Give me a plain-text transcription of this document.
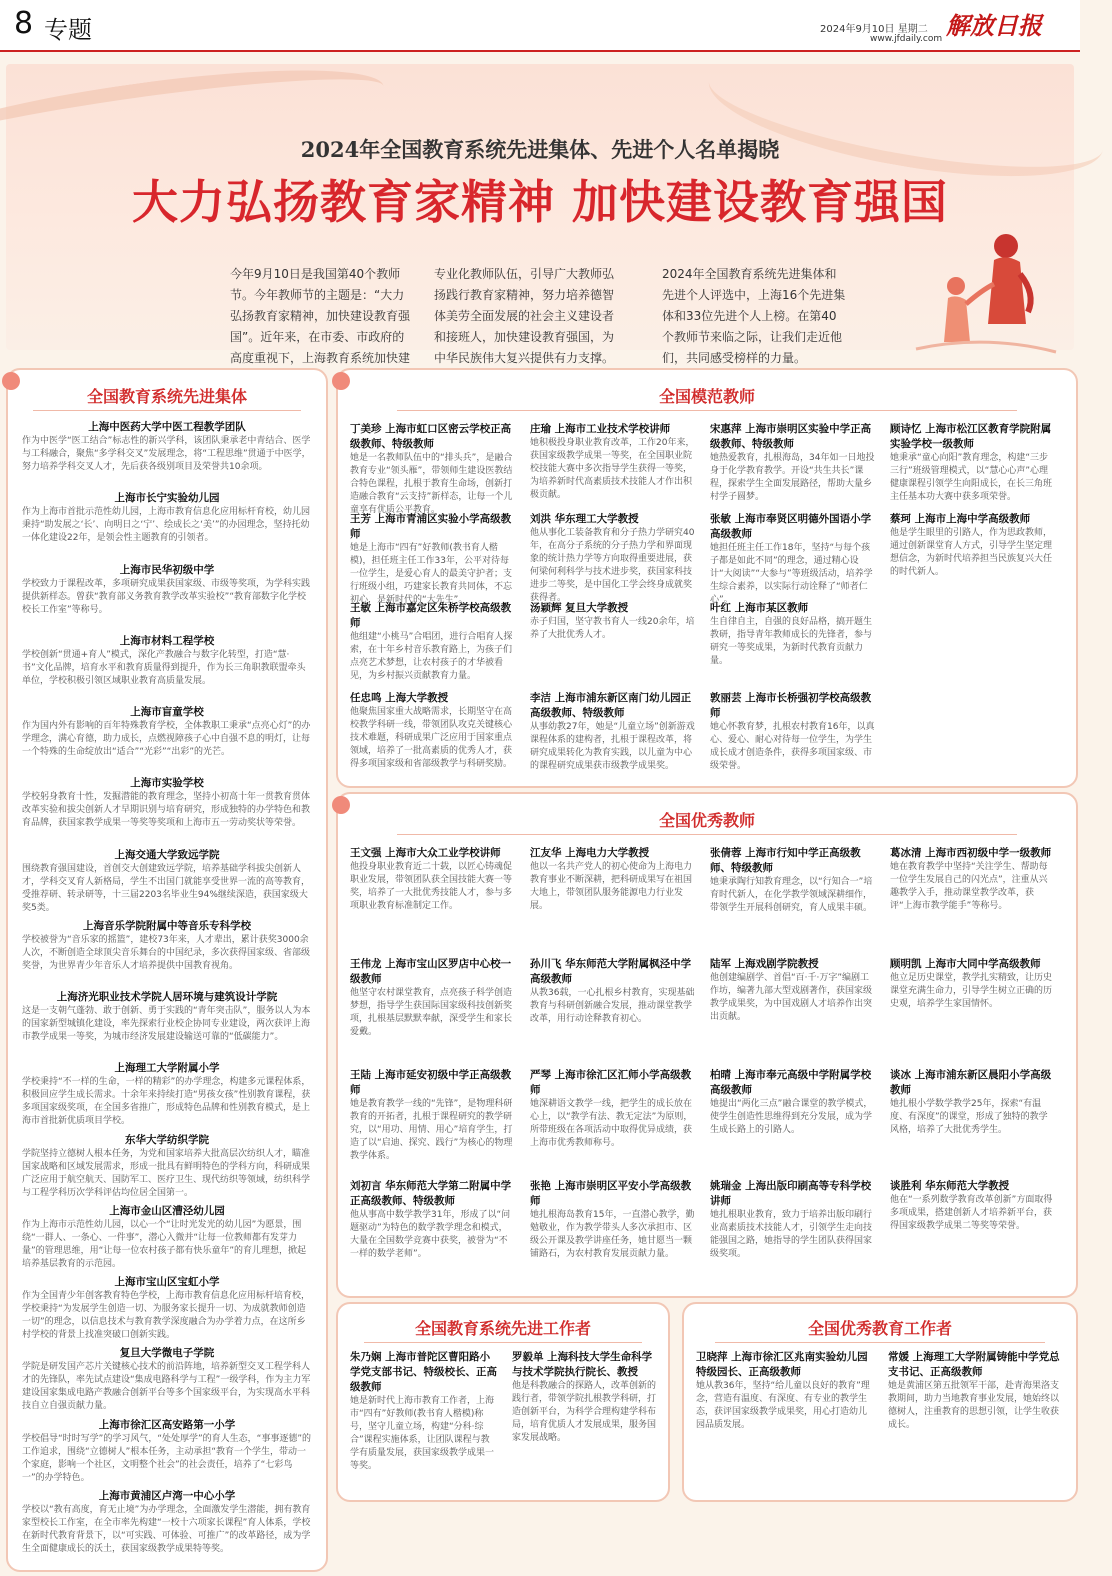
8 专题	2024年9月10日 星期二
www.jfdaily.com 解放日报
2024年全国教育系统先进集体、先进个人名单揭晓
大力弘扬教育家精神 加快建设教育强国
今年9月10日是我国第40个教师节。今年教师节的主题是：“大力弘扬教育家精神，加快建设教育强国”。近年来，在市委、市政府的高度重视下，上海教育系统加快建
专业化教师队伍，引导广大教师弘扬践行教育家精神，努力培养德智体美劳全面发展的社会主义建设者和接班人，加快建设教育强国，为中华民族伟大复兴提供有力支撑。
2024年全国教育系统先进集体和先进个人评选中，上海16个先进集体和33位先进个人上榜。在第40个教师节来临之际，让我们走近他们，共同感受榜样的力量。
全国教育系统先进集体
上海中医药大学中医工程教学团队
作为中医学“医工结合”标志性的新兴学科，该团队秉承老中青结合、医学与工科融合，聚焦“多学科交叉”发展理念，将“工程思维”贯通于中医学，努力培养学科交叉人才，先后获各级别项目及荣誉共10余项。
上海市长宁实验幼儿园
作为上海市首批示范性幼儿园，上海市教育信息化应用标杆育校，幼儿园秉持“助发展之‘长’、向明日之‘宁’、绘成长之‘美’”的办园理念，坚持托幼一体化建设22年，是领会性主题教育的引领者。
上海市民华初级中学
学校致力于课程改革，多项研究成果获国家级、市级等奖项，为学科实践提供新样态。曾获“教育部义务教育教学改革实验校”“教育部数字化学校校长工作室”等称号。
上海市材料工程学校
学校创新“贯通+育人”模式，深化产教融合与数字化转型，打造“慧·书”文化品牌，培育水平和教育质量得到提升，作为长三角职教联盟牵头单位，学校积极引领区域职业教育高质量发展。
上海市盲童学校
作为国内外有影响的百年特殊教育学校，全体教职工秉承“点亮心灯”的办学理念，满心育德，助力成长，点燃视障孩子心中自强不息的明灯，让每一个特殊的生命绽放出“适合”“光彩”“出彩”的光芒。
上海市实验学校
学校躬身教育十性，发掘潜能的教育理念，坚持小初高十年一贯教育贯体改革实验和拔尖创新人才早期识别与培育研究，形成独特的办学特色和教育品牌，获国家教学成果一等奖等奖项和上海市五一劳动奖状等荣誉。
上海交通大学致远学院
围绕教育强国建设，首创交大创建致远学院，培养基础学科拔尖创新人才，学科交叉育人新格局，学生不出国门就能享受世界一流的高等教育，受推荐研、转录研等，十三届2203名毕业生94%继续深造，获国家级大奖5类。
上海音乐学院附属中等音乐专科学校
学校被誉为“音乐家的摇篮”，建校73年来，人才辈出，累计获奖3000余人次，不断创造全球顶尖音乐舞台的中国纪录，多次获得国家级、省部级奖誉，为世界青少年音乐人才培养提供中国教育视角。
上海济光职业技术学院人居环境与建筑设计学院
这是一支朝气蓬勃、敢于创新、勇于实践的“青年突击队”，服务以人为本的国家新型城镇化建设，率先探索行业校企协同专业建设，两次获评上海市教学成果一等奖，为城市经济发展建设输送可靠的“低碳能力”。
上海理工大学附属小学
学校秉持“不一样的生命，一样的精彩”的办学理念，构建多元课程体系，积极回应学生成长需求。十余年来持续打造“男孩女孩”性别教育课程，获多项国家级奖项，在全国多省推广，形成特色品牌和性别教育模式，是上海市首批新优质项目学校。
东华大学纺织学院
学院坚持立德树人根本任务，为党和国家培养大批高层次纺织人才，瞄准国家战略和区域发展需求，形成一批具有鲜明特色的学科方向，科研成果广泛应用于航空航天、国防军工、医疗卫生、现代纺织等领域，纺织科学与工程学科历次学科评估均位居全国第一。
上海市金山区漕泾幼儿园
作为上海市示范性幼儿园，以心一个“让时光发光的幼儿园”为愿景，围绕“一群人、一条心、一件事”，潜心入微并“让每一位教师都有发芽力量”的管理思维，用“让每一位农村孩子都有快乐童年”的育儿理想，掀起培养基层教育的示范园。
上海市宝山区宝虹小学
作为全国青少年创客教育特色学校，上海市教育信息化应用标杆培育校，学校秉持“为发展学生创造一切、为服务家长提升一切、为成就教师创造一切”的理念，以信息技术与教育教学深度融合为办学着力点，在这所乡村学校的背景上找准突破口创新实践。
复旦大学微电子学院
学院是研发国产芯片关键核心技术的前沿阵地，培养新型交叉工程学科人才的先锋队，率先试点建设“集成电路科学与工程”一级学科，作为主力军建设国家集成电路产教融合创新平台等多个国家级平台，为实现高水平科技自立自强贡献力量。
上海市徐汇区高安路第一小学
学校倡导“时时写学”的学习风气，“处处厚学”的育人生态，“事事逐德”的工作追求，围绕“立德树人”根本任务，主动承担“教育一个学生，带动一个家庭，影响一个社区，文明整个社会”的社会责任，培养了“七彩鸟一”的办学特色。
上海市黄浦区卢湾一中心小学
学校以“教有高度，育无止境”为办学理念，全面激发学生潜能，拥有教育家型校长工作室，在全市率先构建“一校十六项家长课程”育人体系，学校在新时代教育背景下，以“可实践、可体验、可推广”的改革路径，成为学生全面健康成长的沃土，获国家级教学成果特等奖。
全国模范教师
丁美珍 上海市虹口区密云学校正高级教师、特级教师
她是一名教师队伍中的“排头兵”，是融合教育专业“领头雁”，带领师生建设医教结合特色课程，扎根于教育生命场，创新打造融合教育“云支持”新样态，让每一个儿童享有优质公平教育。
王芳 上海市青浦区实验小学高级教师
她是上海市“四有”好教师(教书育人楷模)，担任班主任工作33年，公平对待每一位学生，是爱心育人的最美守护者；支行班级小组，巧建家长教育共同体，不忘初心，是新时代的“大先生”。
王敏 上海市嘉定区朱桥学校高级教师
他组建“小桃马”合唱团，进行合唱育人探索，在十年乡村音乐教育路上，为孩子们点亮艺术梦想，让农村孩子的才华被看见，为乡村振兴贡献教育力量。
任忠鸣 上海大学教授
他聚焦国家重大战略需求，长期坚守在高校教学科研一线，带领团队攻克关键核心技术难题，科研成果广泛应用于国家重点领域，培养了一批高素质的优秀人才，获得多项国家级和省部级教学与科研奖励。
庄瑜 上海市工业技术学校讲师
她积极投身职业教育改革，工作20年来，获国家级教学成果一等奖，在全国职业院校技能大赛中多次指导学生获得一等奖，为培养新时代高素质技术技能人才作出积极贡献。
刘洪 华东理工大学教授
他从事化工装备教育和分子热力学研究40年，在高分子系统的分子热力学和界面现象的统计热力学等方向取得重要进展，获何梁何利科学与技术进步奖，获国家科技进步二等奖，是中国化工学会终身成就奖获得者。
汤颖辉 复旦大学教授
赤子归国，坚守教书育人一线20余年，培养了大批优秀人才。
李洁 上海市浦东新区南门幼儿园正高级教师、特级教师
从事幼教27年，她是“儿童立场”创新游戏课程体系的建构者，扎根于课程改革，将研究成果转化为教育实践，以儿童为中心的课程研究成果获市级教学成果奖。
宋惠萍 上海市崇明区实验中学正高级教师、特级教师
她热爱教育，扎根海岛，34年如一日地投身于化学教育教学。开设“共生共长”课程，探索学生全面发展路径，帮助大量乡村学子圆梦。
张敏 上海市奉贤区明德外国语小学高级教师
她担任班主任工作18年，坚持“与每个孩子都是如此不同”的理念，通过精心设计“大阅读”“大参与”等班级活动，培养学生综合素养，以实际行动诠释了“师者仁心”。
叶红 上海市某区教师
生自律自主，自强的良好品格，搞开题生教研，指导青年教师成长的先锋者，参与研究一等奖成果，为新时代教育贡献力量。
敦丽芸 上海市长桥强初学校高级教师
她心怀教育梦，扎根农村教育16年，以真心、爱心、耐心对待每一位学生，为学生成长成才创造条件，获得多项国家级、市级荣誉。
顾诗忆 上海市松江区教育学院附属实验学校一级教师
她秉承“童心向阳”教育理念，构建“三步三行”班级管理模式，以“慧心心声”心理健康课程引领学生向阳成长，在长三角班主任基本功大赛中获多项荣誉。
蔡珂 上海市上海中学高级教师
他是学生眼里的引路人，作为思政教师，通过创新课堂育人方式，引导学生坚定理想信念，为新时代培养担当民族复兴大任的时代新人。
全国优秀教师
王文强 上海市大众工业学校讲师
他投身职业教育近二十载，以匠心铸魂促职业发展，带领团队获全国技能大赛一等奖，培养了一大批优秀技能人才，参与多项职业教育标准制定工作。
王伟龙 上海市宝山区罗店中心校一级教师
他坚守农村课堂教育，点亮孩子科学创造梦想，指导学生获国际国家级科技创新奖项，扎根基层默默奉献，深受学生和家长爱戴。
王陆 上海市延安初级中学正高级教师
她是教育教学一线的“先锋”，是物理科研教育的开拓者，扎根于课程研究的教学研究，以“用功、用情、用心”培育学生，打造了以“启迪、探究、践行”为核心的物理教学体系。
刘初言 华东师范大学第二附属中学正高级教师、特级教师
他从事高中数学教学31年，形成了以“问题驱动”为特色的数学教学理念和模式，大量在全国数学竞赛中获奖，被誉为“不一样的数学老师”。
江友华 上海电力大学教授
他以一名共产党人的初心使命为上海电力教育事业不断深耕，把科研成果写在祖国大地上，带领团队服务能源电力行业发展。
孙川飞 华东师范大学附属枫泾中学高级教师
从教36载，一心扎根乡村教育，实现基础教育与科研创新融合发展，推动课堂教学改革，用行动诠释教育初心。
严琴 上海市徐汇区汇师小学高级教师
她深耕语文教学一线，把学生的成长放在心上，以“教学有法、教无定法”为原则，所带班级在各项活动中取得优异成绩，获上海市优秀教师称号。
张艳 上海市崇明区平安小学高级教师
她扎根海岛教育15年，一直潜心教学，勤勉敬业，作为教学带头人多次承担市、区级公开课及教学讲座任务，她甘愿当一颗铺路石，为农村教育发展贡献力量。
张倩蓉 上海市行知中学正高级教师、特级教师
她秉承陶行知教育理念，以“行知合一”培育时代新人，在化学教学领域深耕细作，带领学生开展科创研究，育人成果丰硕。
陆军 上海戏剧学院教授
他创建编剧学、首倡“百·千·万字”编剧工作坊，编著九部大型戏剧著作，获国家级教学成果奖，为中国戏剧人才培养作出突出贡献。
柏晴 上海市奉元高级中学附属学校高级教师
她提出“两化三点”融合课堂的教学模式，使学生创造性思维得到充分发展，成为学生成长路上的引路人。
姚瑞金 上海出版印刷高等专科学校讲师
她扎根职业教育，致力于培养出版印刷行业高素质技术技能人才，引领学生走向技能强国之路，她指导的学生团队获得国家级奖项。
葛冰清 上海市西初级中学一级教师
她在教育教学中坚持“关注学生、帮助每一位学生发展自己的闪光点”，注重从兴趣教学入手，推动课堂教学改革，获评“上海市教学能手”等称号。
顾明凯 上海市大同中学高级教师
他立足历史课堂，教学扎实精致，让历史课堂充满生命力，引导学生树立正确的历史观，培养学生家国情怀。
谈冰 上海市浦东新区晨阳小学高级教师
她扎根小学数学教学25年，探索“有温度、有深度”的课堂，形成了独特的教学风格，培养了大批优秀学生。
谈胜利 华东师范大学教授
他在“一系列数学教育改革创新”方面取得多项成果，搭建创新人才培养新平台，获得国家级教学成果二等奖等荣誉。
全国教育系统先进工作者
朱乃娴 上海市普陀区曹阳路小学党支部书记、特级校长、正高级教师
她是新时代上海市教育工作者，上海市“四有”好教师(教书育人楷模)称号，坚守儿童立场，构建“分科·综合”课程实施体系，让团队课程与教学有质量发展，获国家级教学成果一等奖。
罗毅单 上海科技大学生命科学与技术学院执行院长、教授
他是科教融合的探路人，改革创新的践行者，带领学院扎根教学科研，打造创新平台，为科学合理构建学科布局，培育优质人才发展成果，服务国家发展战略。
全国优秀教育工作者
卫晓萍 上海市徐汇区兆南实验幼儿园特级园长、正高级教师
她从教36年，坚持“给儿童以良好的教育”理念，营造有温度、有深度、有专业的教学生态，获评国家级教学成果奖，用心打造幼儿园品质发展。
常媛 上海理工大学附属铸能中学党总支书记、正高级教师
她是黄浦区第五批领军干部，赴青海果洛支教期间，助力当地教育事业发展，她始终以德树人，注重教育的思想引领，让学生收获成长。
